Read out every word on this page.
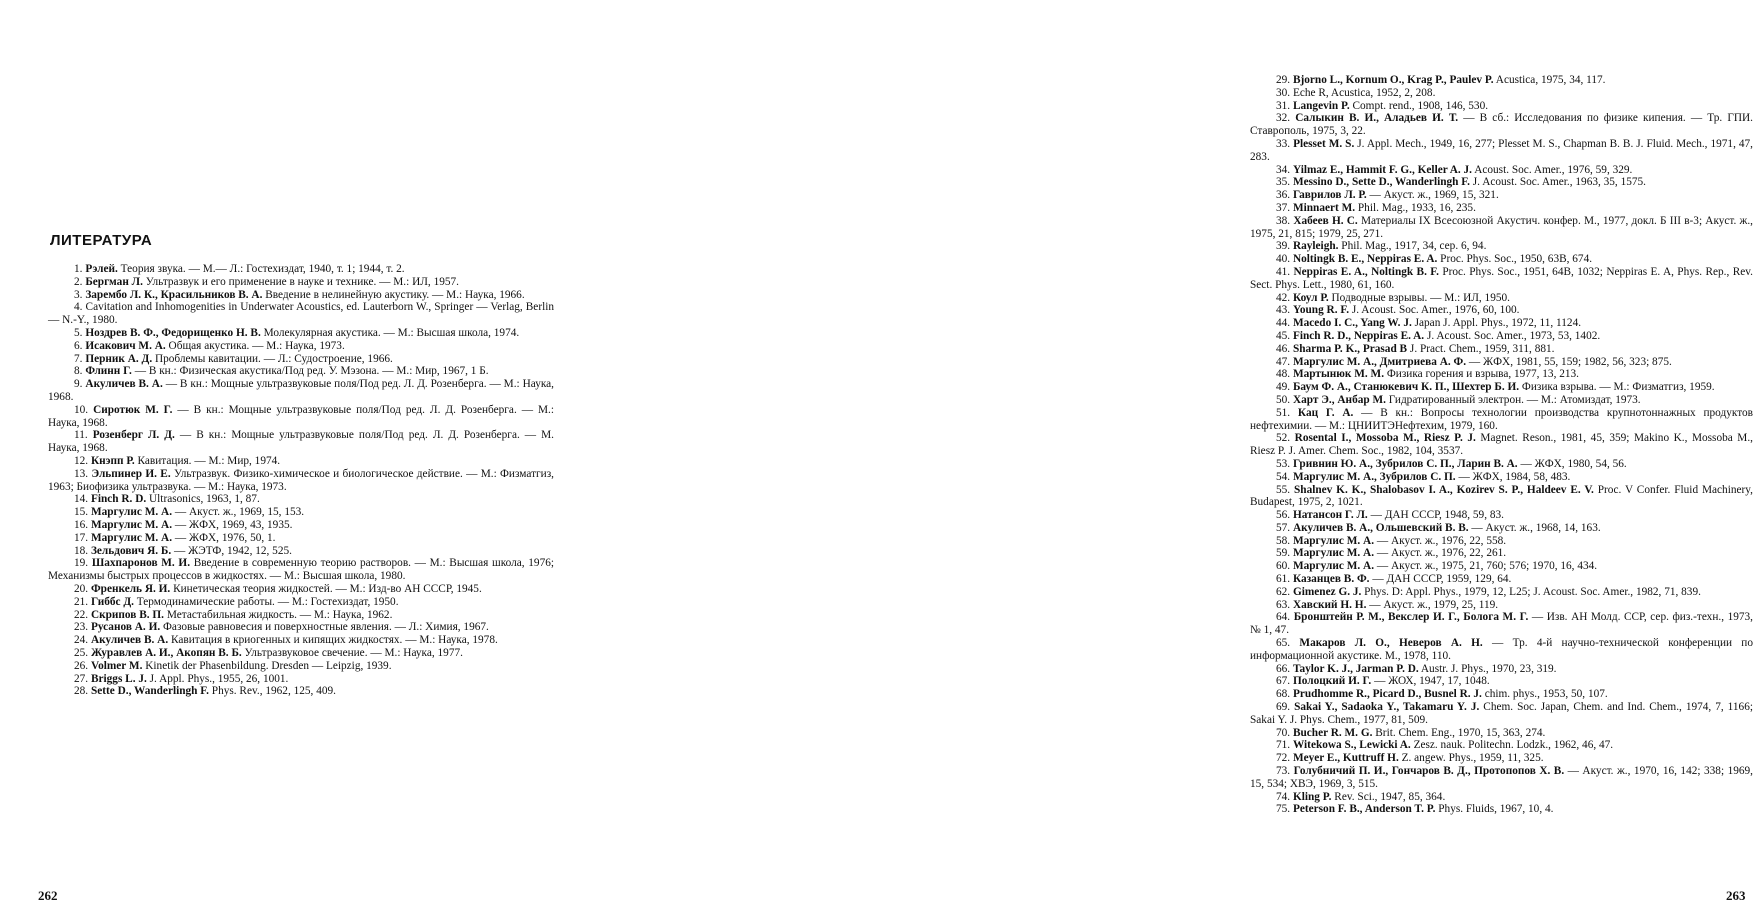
ЛИТЕРАТУРА
1. Рэлей. Теория звука. — М.— Л.: Гостехиздат, 1940, т. 1; 1944, т. 2.
2. Бергман Л. Ультразвук и его применение в науке и технике. — М.: ИЛ, 1957.
3. Зарембо Л. К., Красильников В. А. Введение в нелинейную акустику. — М.: Наука, 1966.
4. Cavitation and Inhomogenities in Underwater Acoustics, ed. Lauterborn W., Springer — Verlag, Berlin — N.-Y., 1980.
5. Ноздрев В. Ф., Федорищенко Н. В. Молекулярная акустика. — М.: Высшая школа, 1974.
6. Исакович М. А. Общая акустика. — М.: Наука, 1973.
7. Перник А. Д. Проблемы кавитации. — Л.: Судостроение, 1966.
8. Флинн Г. — В кн.: Физическая акустика/Под ред. У. Мэзона. — М.: Мир, 1967, 1 Б.
9. Акуличев В. А. — В кн.: Мощные ультразвуковые поля/Под ред. Л. Д. Розенберга. — М.: Наука, 1968.
10. Сиротюк М. Г. — В кн.: Мощные ультразвуковые поля/Под ред. Л. Д. Розенберга. — М.: Наука, 1968.
11. Розенберг Л. Д. — В кн.: Мощные ультразвуковые поля/Под ред. Л. Д. Розенберга. — М. Наука, 1968.
12. Кнэпп Р. Кавитация. — М.: Мир, 1974.
13. Эльпинер И. Е. Ультразвук. Физико-химическое и биологическое действие. — М.: Физматгиз, 1963; Биофизика ультразвука. — М.: Наука, 1973.
14. Finch R. D. Ultrasonics, 1963, 1, 87.
15. Маргулис М. А. — Акуст. ж., 1969, 15, 153.
16. Маргулис М. А. — ЖФХ, 1969, 43, 1935.
17. Маргулис М. А. — ЖФХ, 1976, 50, 1.
18. Зельдович Я. Б. — ЖЭТФ, 1942, 12, 525.
19. Шахпаронов М. И. Введение в современную теорию растворов. — М.: Высшая школа, 1976; Механизмы быстрых процессов в жидкостях. — М.: Высшая школа, 1980.
20. Френкель Я. И. Кинетическая теория жидкостей. — М.: Изд-во АН СССР, 1945.
21. Гиббс Д. Термодинамические работы. — М.: Гостехиздат, 1950.
22. Скрипов В. П. Метастабильная жидкость. — М.: Наука, 1962.
23. Русанов А. И. Фазовые равновесия и поверхностные явления. — Л.: Химия, 1967.
24. Акуличев В. А. Кавитация в криогенных и кипящих жидкостях. — М.: Наука, 1978.
25. Журавлев А. И., Акопян В. Б. Ультразвуковое свечение. — М.: Наука, 1977.
26. Volmer M. Kinetik der Phasenbildung. Dresden — Leipzig, 1939.
27. Briggs L. J. J. Appl. Phys., 1955, 26, 1001.
28. Sette D., Wanderlingh F. Phys. Rev., 1962, 125, 409.
262
29. Bjorno L., Kornum O., Krag P., Paulev P. Acustica, 1975, 34, 117.
30. Eche R, Acustica, 1952, 2, 208.
31. Langevin P. Compt. rend., 1908, 146, 530.
32. Салыкин В. И., Аладьев И. Т. — В сб.: Исследования по физике кипения. — Тр. ГПИ. Ставрополь, 1975, 3, 22.
33. Plesset M. S. J. Appl. Mech., 1949, 16, 277; Plesset M. S., Chapman B. B. J. Fluid. Mech., 1971, 47, 283.
34. Yilmaz E., Hammit F. G., Keller A. J. Acoust. Soc. Amer., 1976, 59, 329.
35. Messino D., Sette D., Wanderlingh F. J. Acoust. Soc. Amer., 1963, 35, 1575.
36. Гаврилов Л. Р. — Акуст. ж., 1969, 15, 321.
37. Minnaert M. Phil. Mag., 1933, 16, 235.
38. Хабеев Н. С. Материалы IX Всесоюзной Акустич. конфер. М., 1977, докл. Б III в-3; Акуст. ж., 1975, 21, 815; 1979, 25, 271.
39. Rayleigh. Phil. Mag., 1917, 34, сер. 6, 94.
40. Noltingk B. E., Neppiras E. A. Proc. Phys. Soc., 1950, 63B, 674.
41. Neppiras E. A., Noltingk B. F. Proc. Phys. Soc., 1951, 64B, 1032; Neppiras E. A, Phys. Rep., Rev. Sect. Phys. Lett., 1980, 61, 160.
42. Коул Р. Подводные взрывы. — М.: ИЛ, 1950.
43. Young R. F. J. Acoust. Soc. Amer., 1976, 60, 100.
44. Macedo I. C., Yang W. J. Japan J. Appl. Phys., 1972, 11, 1124.
45. Finch R. D., Neppiras E. A. J. Acoust. Soc. Amer., 1973, 53, 1402.
46. Sharma P. K., Prasad B J. Pract. Chem., 1959, 311, 881.
47. Маргулис М. А., Дмитриева А. Ф. — ЖФХ, 1981, 55, 159; 1982, 56, 323; 875.
48. Мартынюк М. М. Физика горения и взрыва, 1977, 13, 213.
49. Баум Ф. А., Станюкевич К. П., Шехтер Б. И. Физика взрыва. — М.: Физматгиз, 1959.
50. Харт Э., Анбар М. Гидратированный электрон. — М.: Атомиздат, 1973.
51. Кац Г. А. — В кн.: Вопросы технологии производства крупнотоннажных продуктов нефтехимии. — М.: ЦНИИТЭНефтехим, 1979, 160.
52. Rosental I., Mossoba M., Riesz P. J. Magnet. Reson., 1981, 45, 359; Makino K., Mossoba M., Riesz P. J. Amer. Chem. Soc., 1982, 104, 3537.
53. Гривнин Ю. А., Зубрилов С. П., Ларин В. А. — ЖФХ, 1980, 54, 56.
54. Маргулис М. А., Зубрилов С. П. — ЖФХ, 1984, 58, 483.
55. Shalnev K. K., Shalobasov I. A., Kozirev S. P., Haldeev E. V. Proc. V Confer. Fluid Machinery, Budapest, 1975, 2, 1021.
56. Натансон Г. Л. — ДАН СССР, 1948, 59, 83.
57. Акуличев В. А., Ольшевский В. В. — Акуст. ж., 1968, 14, 163.
58. Маргулис М. А. — Акуст. ж., 1976, 22, 558.
59. Маргулис М. А. — Акуст. ж., 1976, 22, 261.
60. Маргулис М. А. — Акуст. ж., 1975, 21, 760; 576; 1970, 16, 434.
61. Казанцев В. Ф. — ДАН СССР, 1959, 129, 64.
62. Gimenez G. J. Phys. D: Appl. Phys., 1979, 12, L25; J. Acoust. Soc. Amer., 1982, 71, 839.
63. Хавский Н. Н. — Акуст. ж., 1979, 25, 119.
64. Бронштейн Р. М., Векслер И. Г., Болога М. Г. — Изв. АН Молд. ССР, сер. физ.-техн., 1973, № 1, 47.
65. Макаров Л. О., Неверов А. Н. — Тр. 4-й научно-технической конференции по информационной акустике. М., 1978, 110.
66. Taylor K. J., Jarman P. D. Austr. J. Phys., 1970, 23, 319.
67. Полоцкий И. Г. — ЖОХ, 1947, 17, 1048.
68. Prudhomme R., Picard D., Busnel R. J. chim. phys., 1953, 50, 107.
69. Sakai Y., Sadaoka Y., Takamaru Y. J. Chem. Soc. Japan, Chem. and Ind. Chem., 1974, 7, 1166; Sakai Y. J. Phys. Chem., 1977, 81, 509.
70. Bucher R. M. G. Brit. Chem. Eng., 1970, 15, 363, 274.
71. Witekowa S., Lewicki A. Zesz. nauk. Politechn. Lodzk., 1962, 46, 47.
72. Meyer E., Kuttruff H. Z. angew. Phys., 1959, 11, 325.
73. Голубничий П. И., Гончаров В. Д., Протопопов Х. В. — Акуст. ж., 1970, 16, 142; 338; 1969, 15, 534; ХВЭ, 1969, 3, 515.
74. Kling P. Rev. Sci., 1947, 85, 364.
75. Peterson F. B., Anderson T. P. Phys. Fluids, 1967, 10, 4.
263
